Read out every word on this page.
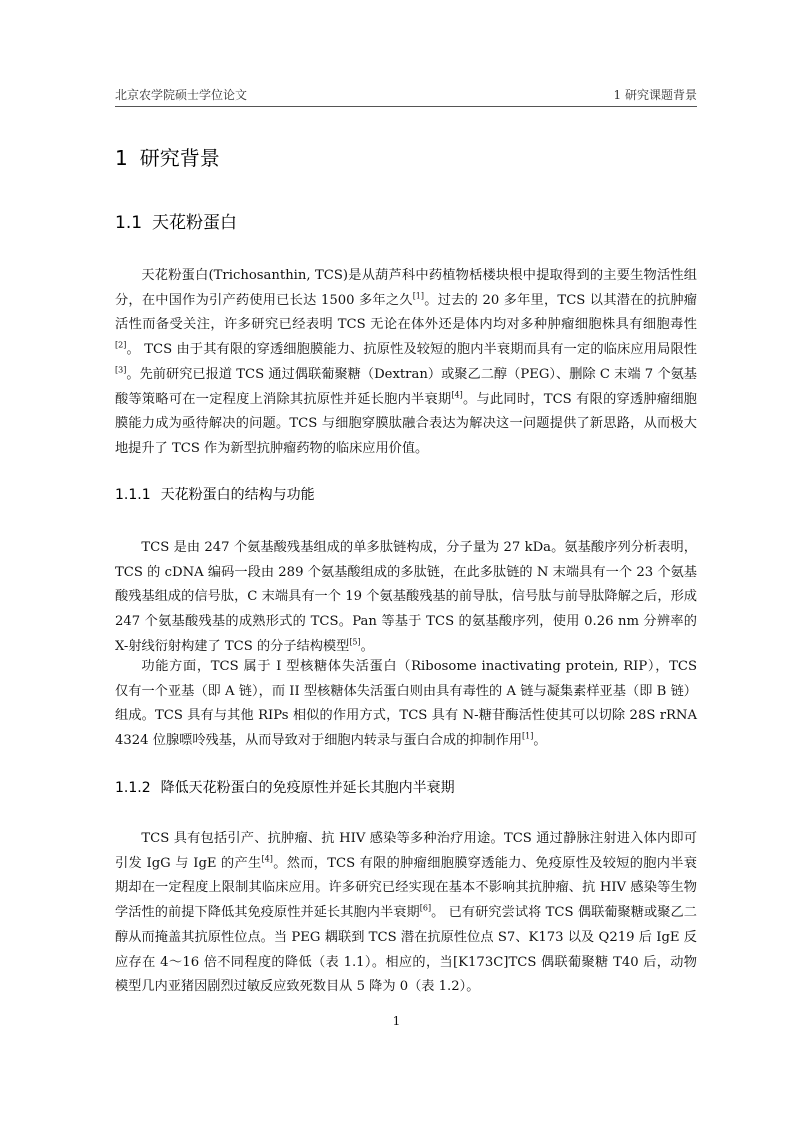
北京农学院硕士学位论文	1 研究课题背景
1 研究背景
1.1 天花粉蛋白

天花粉蛋白(Trichosanthin, TCS)是从葫芦科中药植物栝楼块根中提取得到的主要生物活性组分，在中国作为引产药使用已长达 1500 多年之久[1]。过去的 20 多年里，TCS 以其潜在的抗肿瘤活性而备受关注，许多研究已经表明 TCS 无论在体外还是体内均对多种肿瘤细胞株具有细胞毒性[2]。 TCS 由于其有限的穿透细胞膜能力、抗原性及较短的胞内半衰期而具有一定的临床应用局限性[3]。先前研究已报道 TCS 通过偶联葡聚糖（Dextran）或聚乙二醇（PEG）、删除 C 末端 7 个氨基酸等策略可在一定程度上消除其抗原性并延长胞内半衰期[4]。与此同时，TCS 有限的穿透肿瘤细胞膜能力成为亟待解决的问题。TCS 与细胞穿膜肽融合表达为解决这一问题提供了新思路，从而极大地提升了 TCS 作为新型抗肿瘤药物的临床应用价值。

1.1.1 天花粉蛋白的结构与功能

TCS 是由 247 个氨基酸残基组成的单多肽链构成，分子量为 27 kDa。氨基酸序列分析表明，TCS 的 cDNA 编码一段由 289 个氨基酸组成的多肽链，在此多肽链的 N 末端具有一个 23 个氨基酸残基组成的信号肽，C 末端具有一个 19 个氨基酸残基的前导肽，信号肽与前导肽降解之后，形成 247 个氨基酸残基的成熟形式的 TCS。Pan 等基于 TCS 的氨基酸序列，使用 0.26 nm 分辨率的 X-射线衍射构建了 TCS 的分子结构模型[5]。

功能方面，TCS 属于 I 型核糖体失活蛋白（Ribosome inactivating protein, RIP），TCS 仅有一个亚基（即 A 链），而 II 型核糖体失活蛋白则由具有毒性的 A 链与凝集素样亚基（即 B 链）组成。TCS 具有与其他 RIPs 相似的作用方式，TCS 具有 N-糖苷酶活性使其可以切除 28S rRNA 4324 位腺嘌呤残基，从而导致对于细胞内转录与蛋白合成的抑制作用[1]。

1.1.2 降低天花粉蛋白的免疫原性并延长其胞内半衰期

TCS 具有包括引产、抗肿瘤、抗 HIV 感染等多种治疗用途。TCS 通过静脉注射进入体内即可引发 IgG 与 IgE 的产生[4]。然而，TCS 有限的肿瘤细胞膜穿透能力、免疫原性及较短的胞内半衰期却在一定程度上限制其临床应用。许多研究已经实现在基本不影响其抗肿瘤、抗 HIV 感染等生物学活性的前提下降低其免疫原性并延长其胞内半衰期[6]。 已有研究尝试将 TCS 偶联葡聚糖或聚乙二醇从而掩盖其抗原性位点。当 PEG 耦联到 TCS 潜在抗原性位点 S7、K173 以及 Q219 后 IgE 反应存在 4～16 倍不同程度的降低（表 1.1）。相应的，当[K173C]TCS 偶联葡聚糖 T40 后，动物模型几内亚猪因剧烈过敏反应致死数目从 5 降为 0（表 1.2）。

1
